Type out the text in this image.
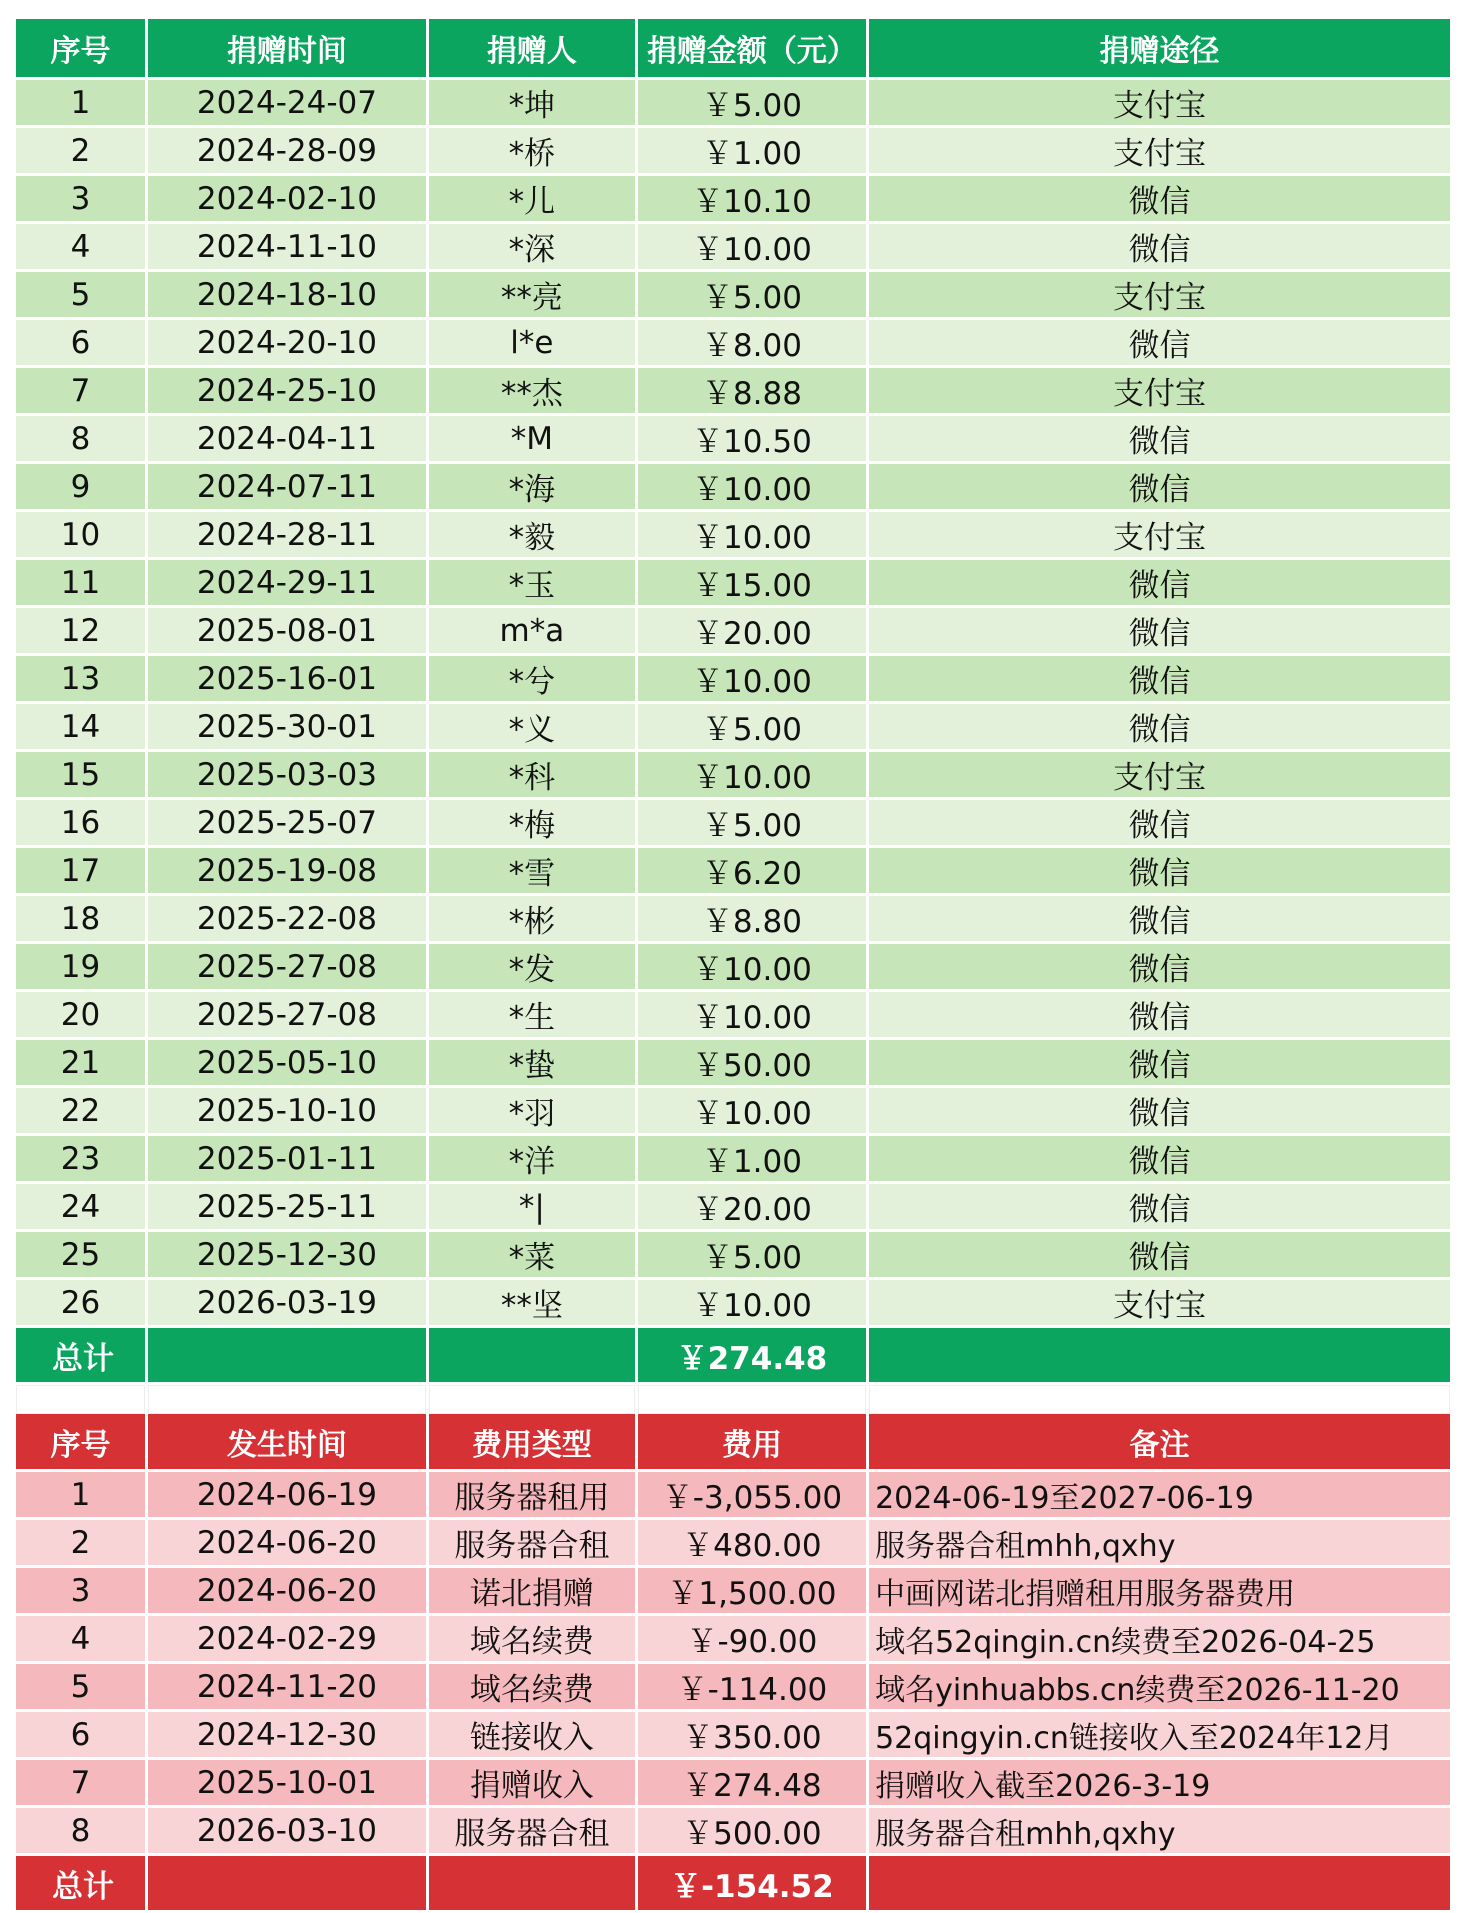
序号	捐赠时间	捐赠人	捐赠金额（元）	捐赠途径
1	2024-24-07	*坤	￥5.00	支付宝
2	2024-28-09	*桥	￥1.00	支付宝
3	2024-02-10	*儿	￥10.10	微信
4	2024-11-10	*深	￥10.00	微信
5	2024-18-10	**亮	￥5.00	支付宝
6	2024-20-10	l*e	￥8.00	微信
7	2024-25-10	**杰	￥8.88	支付宝
8	2024-04-11	*M	￥10.50	微信
9	2024-07-11	*海	￥10.00	微信
10	2024-28-11	*毅	￥10.00	支付宝
11	2024-29-11	*玉	￥15.00	微信
12	2025-08-01	m*a	￥20.00	微信
13	2025-16-01	*兮	￥10.00	微信
14	2025-30-01	*义	￥5.00	微信
15	2025-03-03	*科	￥10.00	支付宝
16	2025-25-07	*梅	￥5.00	微信
17	2025-19-08	*雪	￥6.20	微信
18	2025-22-08	*彬	￥8.80	微信
19	2025-27-08	*发	￥10.00	微信
20	2025-27-08	*生	￥10.00	微信
21	2025-05-10	*蛰	￥50.00	微信
22	2025-10-10	*羽	￥10.00	微信
23	2025-01-11	*洋	￥1.00	微信
24	2025-25-11	*|	￥20.00	微信
25	2025-12-30	*菜	￥5.00	微信
26	2026-03-19	**坚	￥10.00	支付宝
总计			￥274.48	

序号	发生时间	费用类型	费用	备注
1	2024-06-19	服务器租用	￥-3,055.00	2024-06-19至2027-06-19
2	2024-06-20	服务器合租	￥480.00	服务器合租mhh,qxhy
3	2024-06-20	诺北捐赠	￥1,500.00	中画网诺北捐赠租用服务器费用
4	2024-02-29	域名续费	￥-90.00	域名52qingin.cn续费至2026-04-25
5	2024-11-20	域名续费	￥-114.00	域名yinhuabbs.cn续费至2026-11-20
6	2024-12-30	链接收入	￥350.00	52qingyin.cn链接收入至2024年12月
7	2025-10-01	捐赠收入	￥274.48	捐赠收入截至2026-3-19
8	2026-03-10	服务器合租	￥500.00	服务器合租mhh,qxhy
总计			￥-154.52	
